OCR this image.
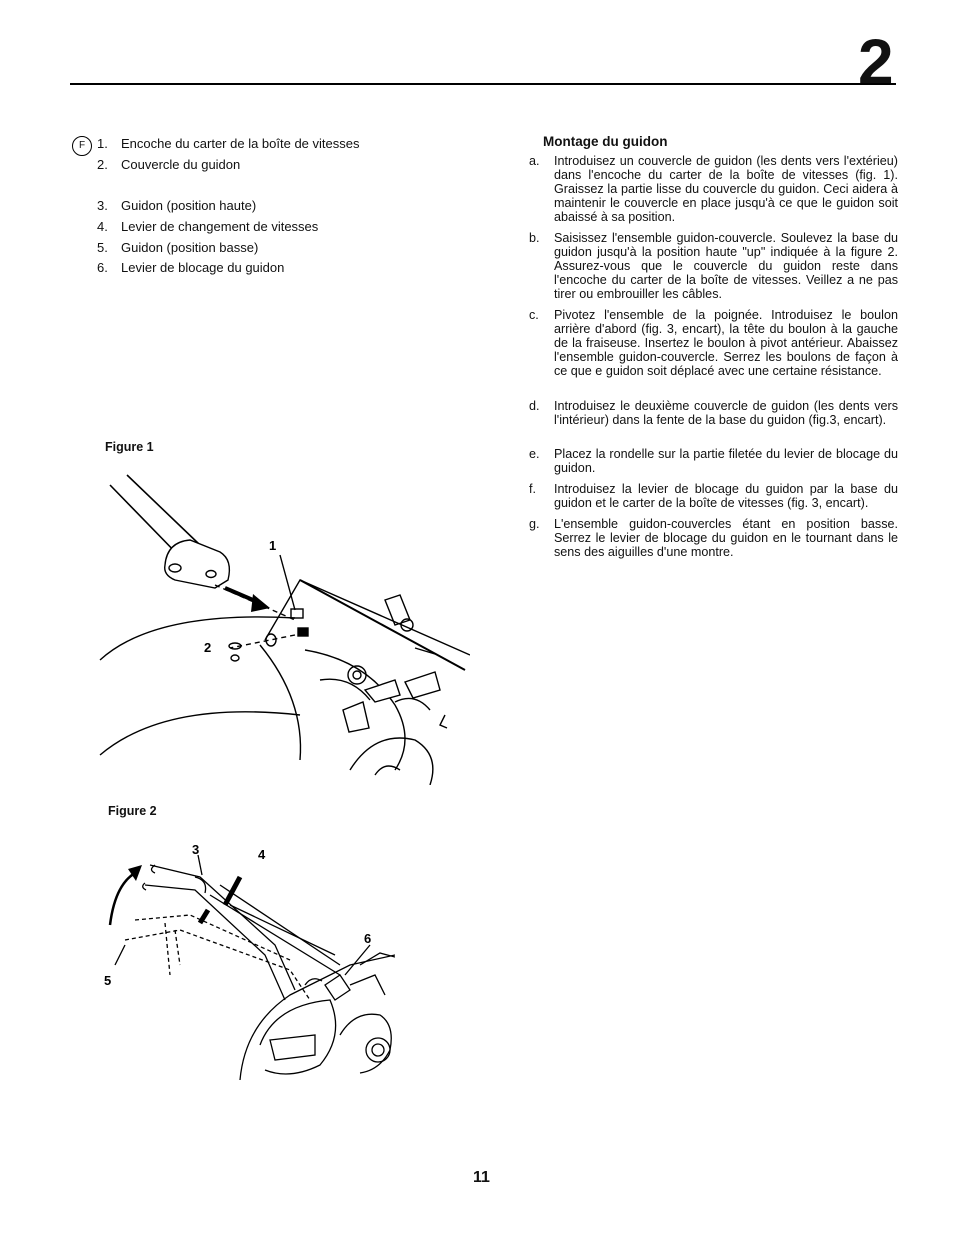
2
F 1. Encoche du carter de la boîte de vitesses
2. Couvercle du guidon
3. Guidon (position haute)
4. Levier de changement de vitesses
5. Guidon (position basse)
6. Levier de blocage du guidon
Montage du guidon
a. Introduisez un couvercle de guidon (les dents vers l'extérieu) dans l'encoche du carter de la boîte de vitesses (fig. 1). Graissez la partie lisse du couvercle du guidon. Ceci aidera à maintenir le couvercle en place jusqu'à ce que le guidon soit abaissé à sa position.
b. Saisissez l'ensemble guidon-couvercle. Soulevez la base du guidon jusqu'à la position haute "up" indiquée à la figure 2. Assurez-vous que le couvercle du guidon reste dans l'encoche du carter de la boîte de vitesses. Veillez a ne pas tirer ou embrouiller les câbles.
c. Pivotez l'ensemble de la poignée. Introduisez le boulon arrière d'abord (fig. 3, encart), la tête du boulon à la gauche de la fraiseuse. Insertez le boulon à pivot antérieur. Abaissez l'ensemble guidon-couvercle. Serrez les boulons de façon à ce que e guidon soit déplacé avec une certaine résistance.
d. Introduisez le deuxième couvercle de guidon (les dents vers l'intérieur) dans la fente de la base du guidon (fig.3, encart).
e. Placez la rondelle sur la partie filetée du levier de blocage du guidon.
f. Introduisez la levier de blocage du guidon par la base du guidon et le carter de la boîte de vitesses (fig. 3, encart).
g. L'ensemble guidon-couvercles étant en position basse. Serrez le levier de blocage du guidon en le tournant dans le sens des aiguilles d'une montre.
Figure 1
1
2
Figure 2
3	4
5
6
11
